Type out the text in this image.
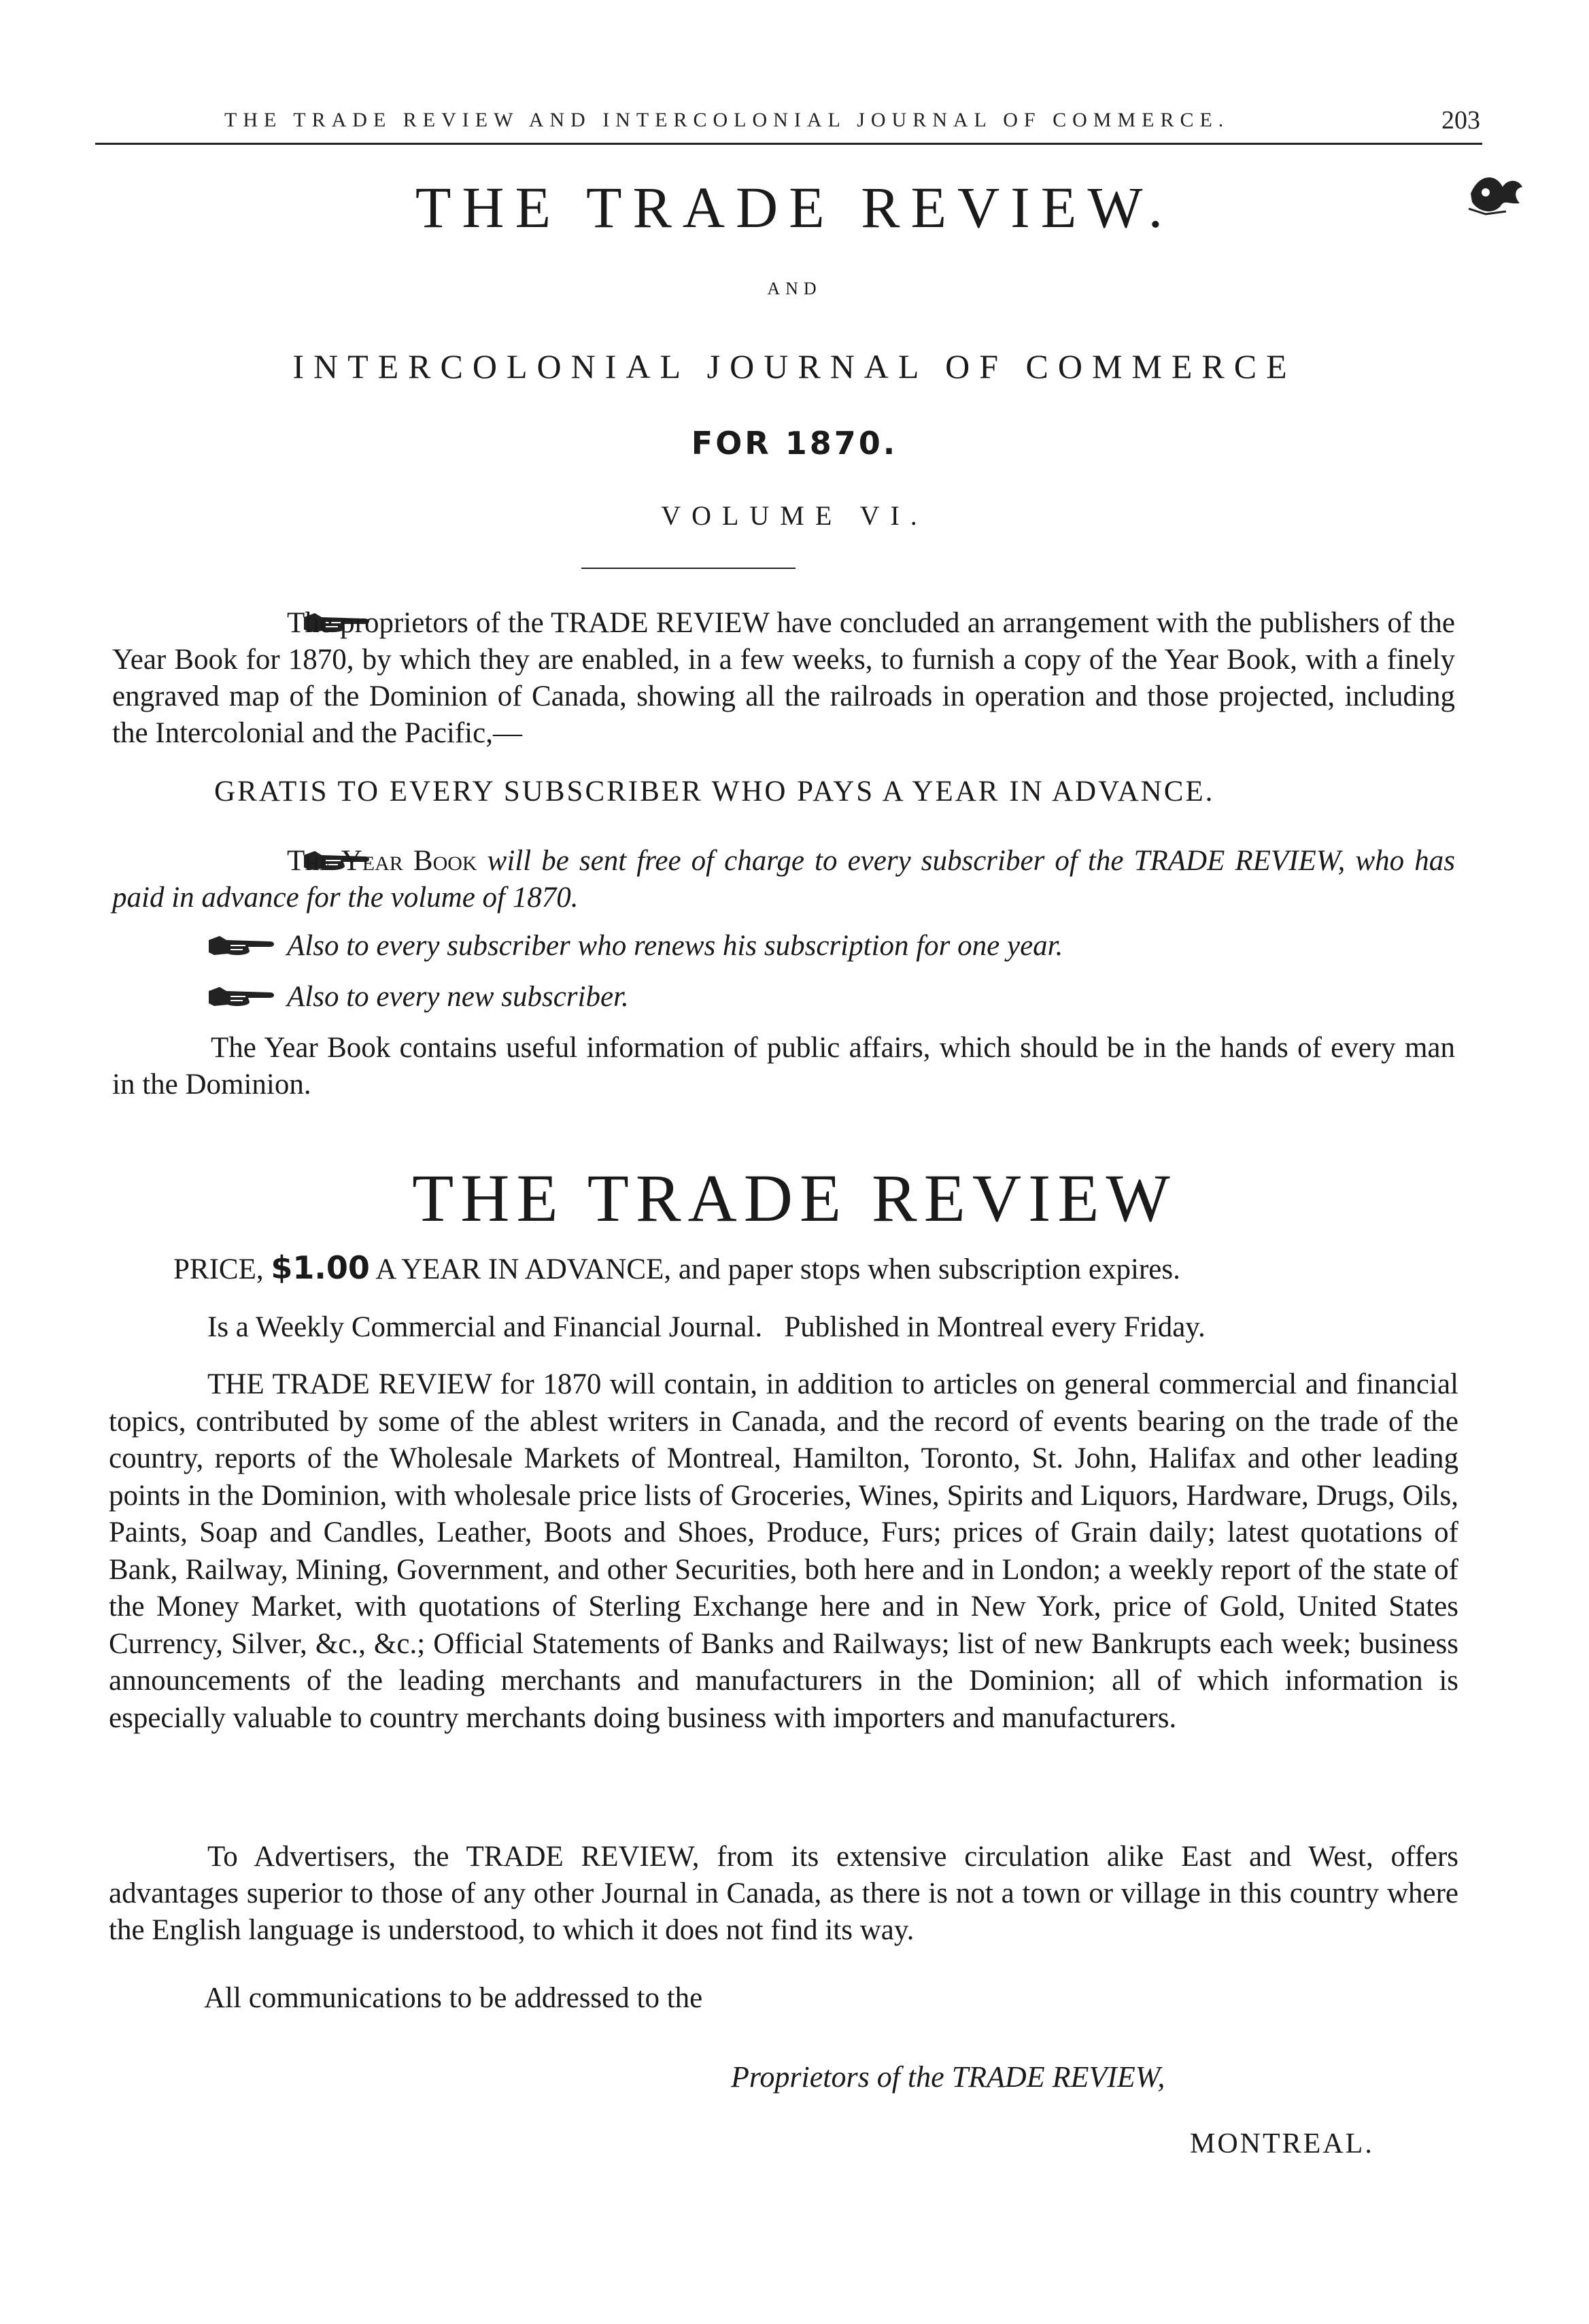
THE TRADE REVIEW AND INTERCOLONIAL JOURNAL OF COMMERCE.	203
THE TRADE REVIEW.
AND
INTERCOLONIAL JOURNAL OF COMMERCE
FOR 1870.
VOLUME VI.
The proprietors of the TRADE REVIEW have concluded an arrangement with the publishers of the Year Book for 1870, by which they are enabled, in a few weeks, to furnish a copy of the Year Book, with a finely engraved map of the Dominion of Canada, showing all the railroads in operation and those projected, including the Intercolonial and the Pacific,—
GRATIS TO EVERY SUBSCRIBER WHO PAYS A YEAR IN ADVANCE.
The Year Book will be sent free of charge to every subscriber of the TRADE REVIEW, who has paid in advance for the volume of 1870.
Also to every subscriber who renews his subscription for one year.
Also to every new subscriber.
The Year Book contains useful information of public affairs, which should be in the hands of every man in the Dominion.
THE TRADE REVIEW
PRICE, $1.00 A YEAR IN ADVANCE, and paper stops when subscription expires.
Is a Weekly Commercial and Financial Journal.   Published in Montreal every Friday.
THE TRADE REVIEW for 1870 will contain, in addition to articles on general commercial and financial topics, contributed by some of the ablest writers in Canada, and the record of events bearing on the trade of the country, reports of the Wholesale Markets of Montreal, Hamilton, Toronto, St. John, Halifax and other leading points in the Dominion, with wholesale price lists of Groceries, Wines, Spirits and Liquors, Hardware, Drugs, Oils, Paints, Soap and Candles, Leather, Boots and Shoes, Produce, Furs; prices of Grain daily; latest quotations of Bank, Railway, Mining, Government, and other Securities, both here and in London; a weekly report of the state of the Money Market, with quotations of Sterling Exchange here and in New York, price of Gold, United States Currency, Silver, &c., &c.; Official Statements of Banks and Railways; list of new Bankrupts each week; business announcements of the leading merchants and manufacturers in the Dominion; all of which information is especially valuable to country merchants doing business with importers and manufacturers.
To Advertisers, the TRADE REVIEW, from its extensive circulation alike East and West, offers advantages superior to those of any other Journal in Canada, as there is not a town or village in this country where the English language is understood, to which it does not find its way.
All communications to be addressed to the
Proprietors of the TRADE REVIEW,
MONTREAL.
